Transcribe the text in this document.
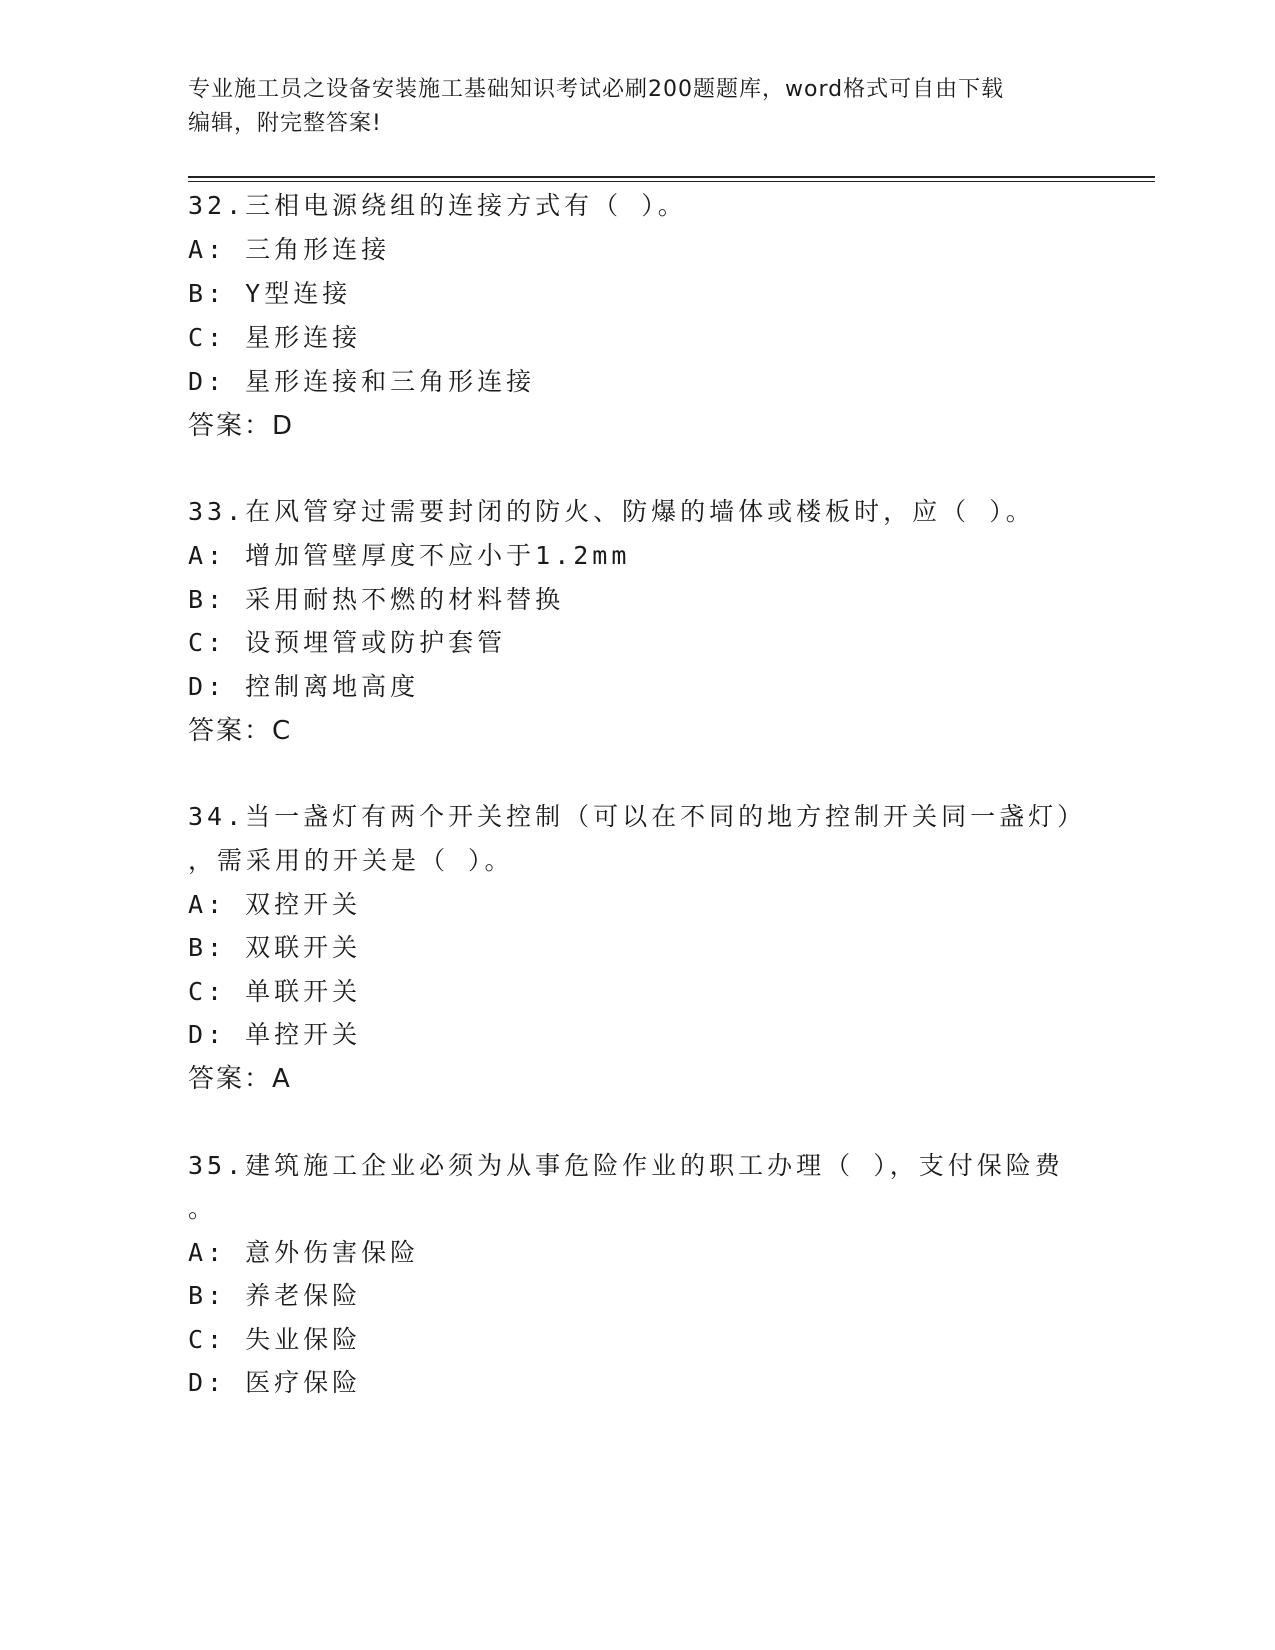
专业施工员之设备安装施工基础知识考试必刷200题题库，word格式可自由下载
编辑，附完整答案!
32.三相电源绕组的连接方式有（ ）。
A: 三角形连接
B: Y型连接
C: 星形连接
D: 星形连接和三角形连接
答案：D
33.在风管穿过需要封闭的防火、防爆的墙体或楼板时，应（ ）。
A: 增加管壁厚度不应小于1.2mm
B: 采用耐热不燃的材料替换
C: 设预埋管或防护套管
D: 控制离地高度
答案：C
34.当一盏灯有两个开关控制（可以在不同的地方控制开关同一盏灯）
，需采用的开关是（ ）。
A: 双控开关
B: 双联开关
C: 单联开关
D: 单控开关
答案：A
35.建筑施工企业必须为从事危险作业的职工办理（ ），支付保险费
。
A: 意外伤害保险
B: 养老保险
C: 失业保险
D: 医疗保险
